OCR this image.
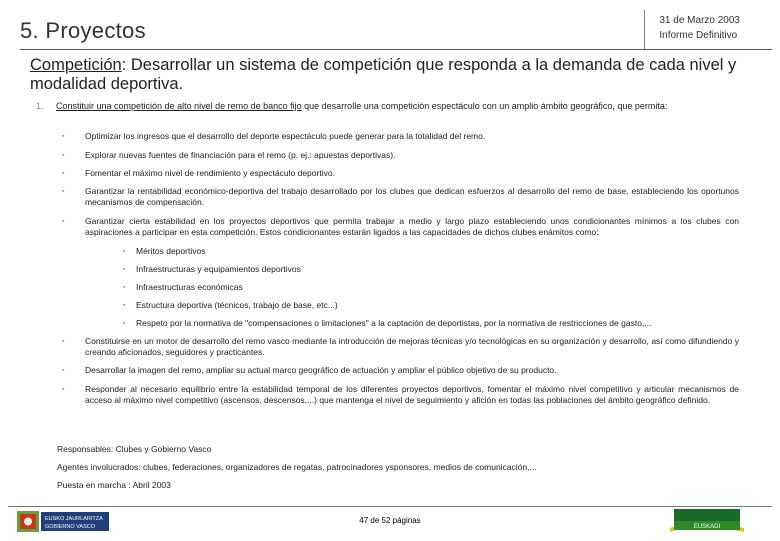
5. Proyectos	31 de Marzo 2003
Informe Definitivo
Competición: Desarrollar un sistema de competición que responda a la demanda de cada nivel y modalidad deportiva.
1. Constituir una competición de alto nivel de remo de banco fijo que desarrolle una competición espectáculo con un amplio ámbito geográfico, que permita:
▪ Optimizar los ingresos que el desarrollo del deporte espectáculo puede generar para la totalidad del remo.
▪ Explorar nuevas fuentes de financiación para el remo (p. ej.: apuestas deportivas).
▪ Fomentar el máximo nivel de rendimiento y espectáculo deportivo.
▪ Garantizar la rentabilidad económico-deportiva del trabajo desarrollado por los clubes que dedican esfuerzos al desarrollo del remo de base, estableciendo los oportunos mecanismos de compensación.
▪ Garantizar cierta estabilidad en los proyectos deportivos que permita trabajar a medio y largo plazo estableciendo unos condicionantes mínimos a los clubes con aspiraciones a participar en esta competición. Estos condicionantes estarán ligados a las capacidades de dichos clubes enámitos como:
▪ Méritos deportivos
▪ Infraestructuras y equipamientos deportivos
▪ Infraestructuras económicas
▪ Estructura deportiva (técnicos, trabajo de base, etc...)
▪ Respeto por la normativa de "compensaciones o limitaciones" a la captación de deportistas, por la normativa de restricciones de gasto,...
▪ Constituirse en un motor de desarrollo del remo vasco mediante la introducción de mejoras técnicas y/o tecnológicas en su organización y desarrollo, así como difundiendo y creando aficionados, seguidores y practicantes.
▪ Desarrollar la imagen del remo, ampliar su actual marco geográfico de actuación y ampliar el público objetivo de su producto.
▪ Responder al necesario equilibrio entre la estabilidad temporal de los diferentes proyectos deportivos, fomentar el máximo nivel competitivo y articular mecanismos de acceso al máximo nivel competitivo (ascensos, descensos,...) que mantenga el nivel de seguimiento y afición en todas las poblaciones del ámbito geográfico definido.
Responsables: Clubes y Gobierno Vasco
Agentes involucrados: clubes, federaciones, organizadores de regatas, patrocinadores ysponsores, medios de comunicación,...
Puesta en marcha : Abril 2003
EUSKO JAURLARITZA
GOBIERNO VASCO
47 de 52 páginas
EUSKADI
